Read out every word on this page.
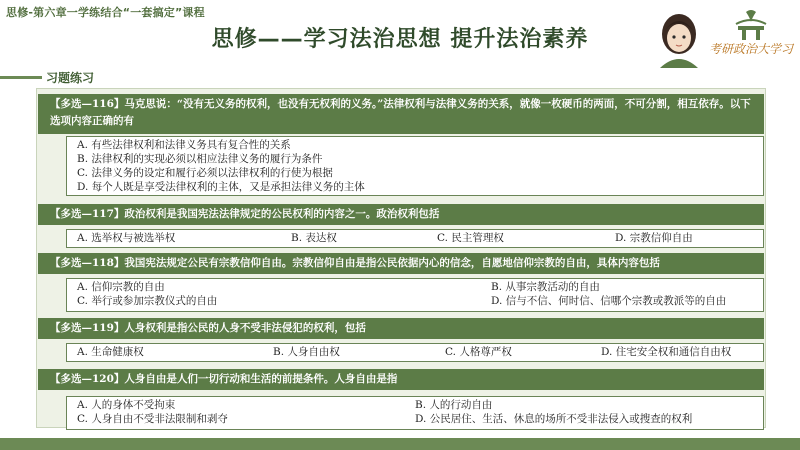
思修-第六章一学练结合“一套搞定”课程
思修——学习法治思想 提升法治素养	考研政治大学习
习题练习
【多选—116】马克思说：“没有无义务的权利，也没有无权利的义务。”法律权利与法律义务的关系，就像一枚硬币的两面，不可分割，相互依存。以下选项内容正确的有
A. 有些法律权利和法律义务具有复合性的关系
B. 法律权利的实现必须以相应法律义务的履行为条件
C. 法律义务的设定和履行必须以法律权利的行使为根据
D. 每个人既是享受法律权利的主体，又是承担法律义务的主体
【多选—117】政治权利是我国宪法法律规定的公民权利的内容之一。政治权利包括
A. 选举权与被选举权	B. 表达权	C. 民主管理权	D. 宗教信仰自由
【多选—118】我国宪法规定公民有宗教信仰自由。宗教信仰自由是指公民依据内心的信念，自愿地信仰宗教的自由，具体内容包括
A. 信仰宗教的自由	B. 从事宗教活动的自由
C. 举行或参加宗教仪式的自由	D. 信与不信、何时信、信哪个宗教或教派等的自由
【多选—119】人身权利是指公民的人身不受非法侵犯的权利，包括
A. 生命健康权	B. 人身自由权	C. 人格尊严权	D. 住宅安全权和通信自由权
【多选—120】人身自由是人们一切行动和生活的前提条件。人身自由是指
A. 人的身体不受拘束	B. 人的行动自由
C. 人身自由不受非法限制和剥夺	D. 公民居住、生活、休息的场所不受非法侵入或搜查的权利
